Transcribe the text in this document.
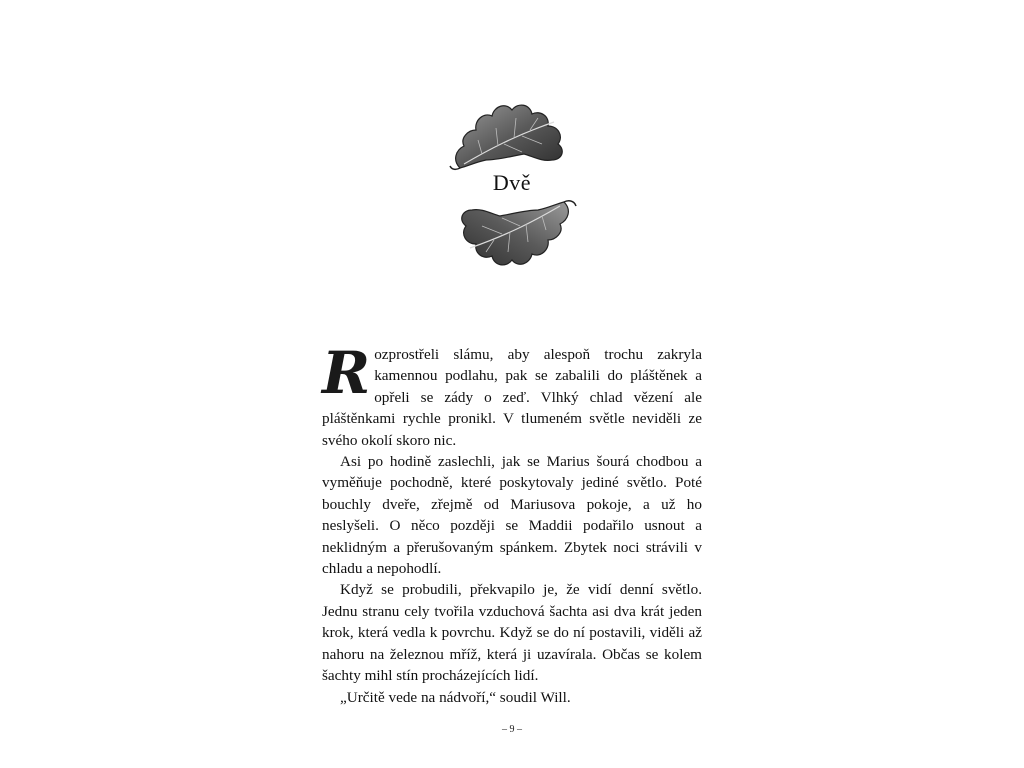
Dvě

Rozprostřeli slámu, aby alespoň trochu zakryla kamennou podlahu, pak se zabalili do pláštěnek a opřeli se zády o zeď. Vlhký chlad vězení ale pláštěnkami rychle pronikl. V tlumeném světle neviděli ze svého okolí skoro nic.

Asi po hodině zaslechli, jak se Marius šourá chodbou a vyměňuje pochodně, které poskytovaly jediné světlo. Poté bouchly dveře, zřejmě od Mariusova pokoje, a už ho neslyšeli. O něco později se Maddii podařilo usnout a neklidným a přerušovaným spánkem. Zbytek noci strávili v chladu a nepohodlí.

Když se probudili, překvapilo je, že vidí denní světlo. Jednu stranu cely tvořila vzduchová šachta asi dva krát jeden krok, která vedla k povrchu. Když se do ní postavili, viděli až nahoru na železnou mříž, která ji uzavírala. Občas se kolem šachty mihl stín procházejících lidí.

„Určitě vede na nádvoří,“ soudil Will.

– 9 –
